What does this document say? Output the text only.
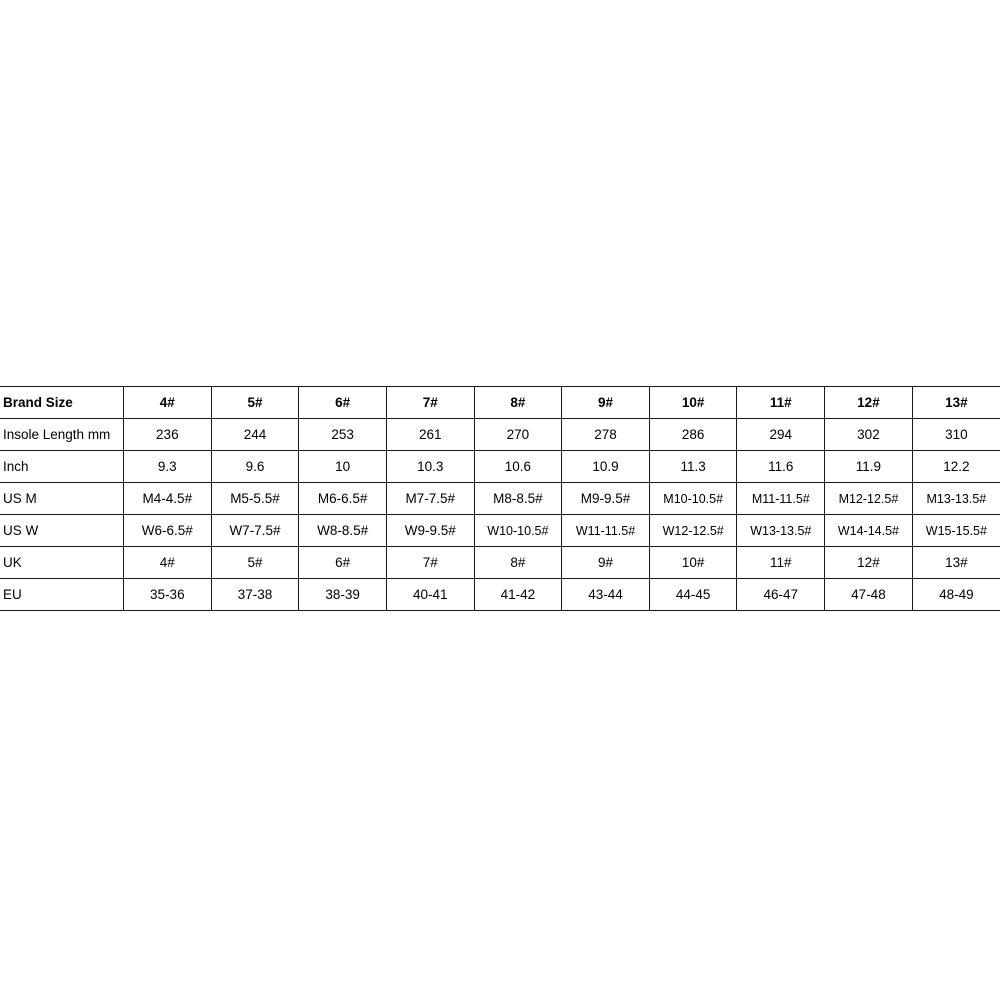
Brand Size	4#	5#	6#	7#	8#	9#	10#	11#	12#	13#
Insole Length mm	236	244	253	261	270	278	286	294	302	310
Inch	9.3	9.6	10	10.3	10.6	10.9	11.3	11.6	11.9	12.2
US M	M4-4.5#	M5-5.5#	M6-6.5#	M7-7.5#	M8-8.5#	M9-9.5#	M10-10.5#	M11-11.5#	M12-12.5#	M13-13.5#
US W	W6-6.5#	W7-7.5#	W8-8.5#	W9-9.5#	W10-10.5#	W11-11.5#	W12-12.5#	W13-13.5#	W14-14.5#	W15-15.5#
UK	4#	5#	6#	7#	8#	9#	10#	11#	12#	13#
EU	35-36	37-38	38-39	40-41	41-42	43-44	44-45	46-47	47-48	48-49
